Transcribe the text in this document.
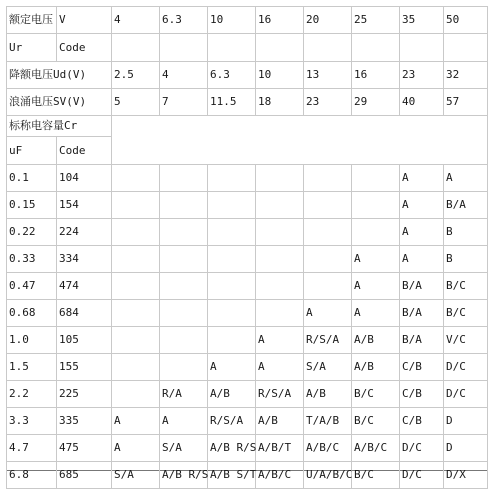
额定电压	V	4	6.3	10	16	20	25	35	50
Ur	Code								
降额电压Ud(V)		2.5	4	6.3	10	13	16	23	32
浪涌电压SV(V)		5	7	11.5	18	23	29	40	57
标称电容量Cr									
uF	Code								
0.1	104							A	A
0.15	154							A	B/A
0.22	224							A	B
0.33	334						A	A	B
0.47	474						A	B/A	B/C
0.68	684					A	A	B/A	B/C
1.0	105				A	R/S/A	A/B	B/A	V/C
1.5	155			A	A	S/A	A/B	C/B	D/C
2.2	225		R/A	A/B	R/S/A	A/B	B/C	C/B	D/C
3.3	335	A	A	R/S/A	A/B	T/A/B	B/C	C/B	D
4.7	475	A	S/A	A/B R/S	A/B/T	A/B/C	A/B/C	D/C	D
6.8	685	S/A	A/B R/S	A/B S/T	A/B/C	U/A/B/C	B/C	D/C	D/X
